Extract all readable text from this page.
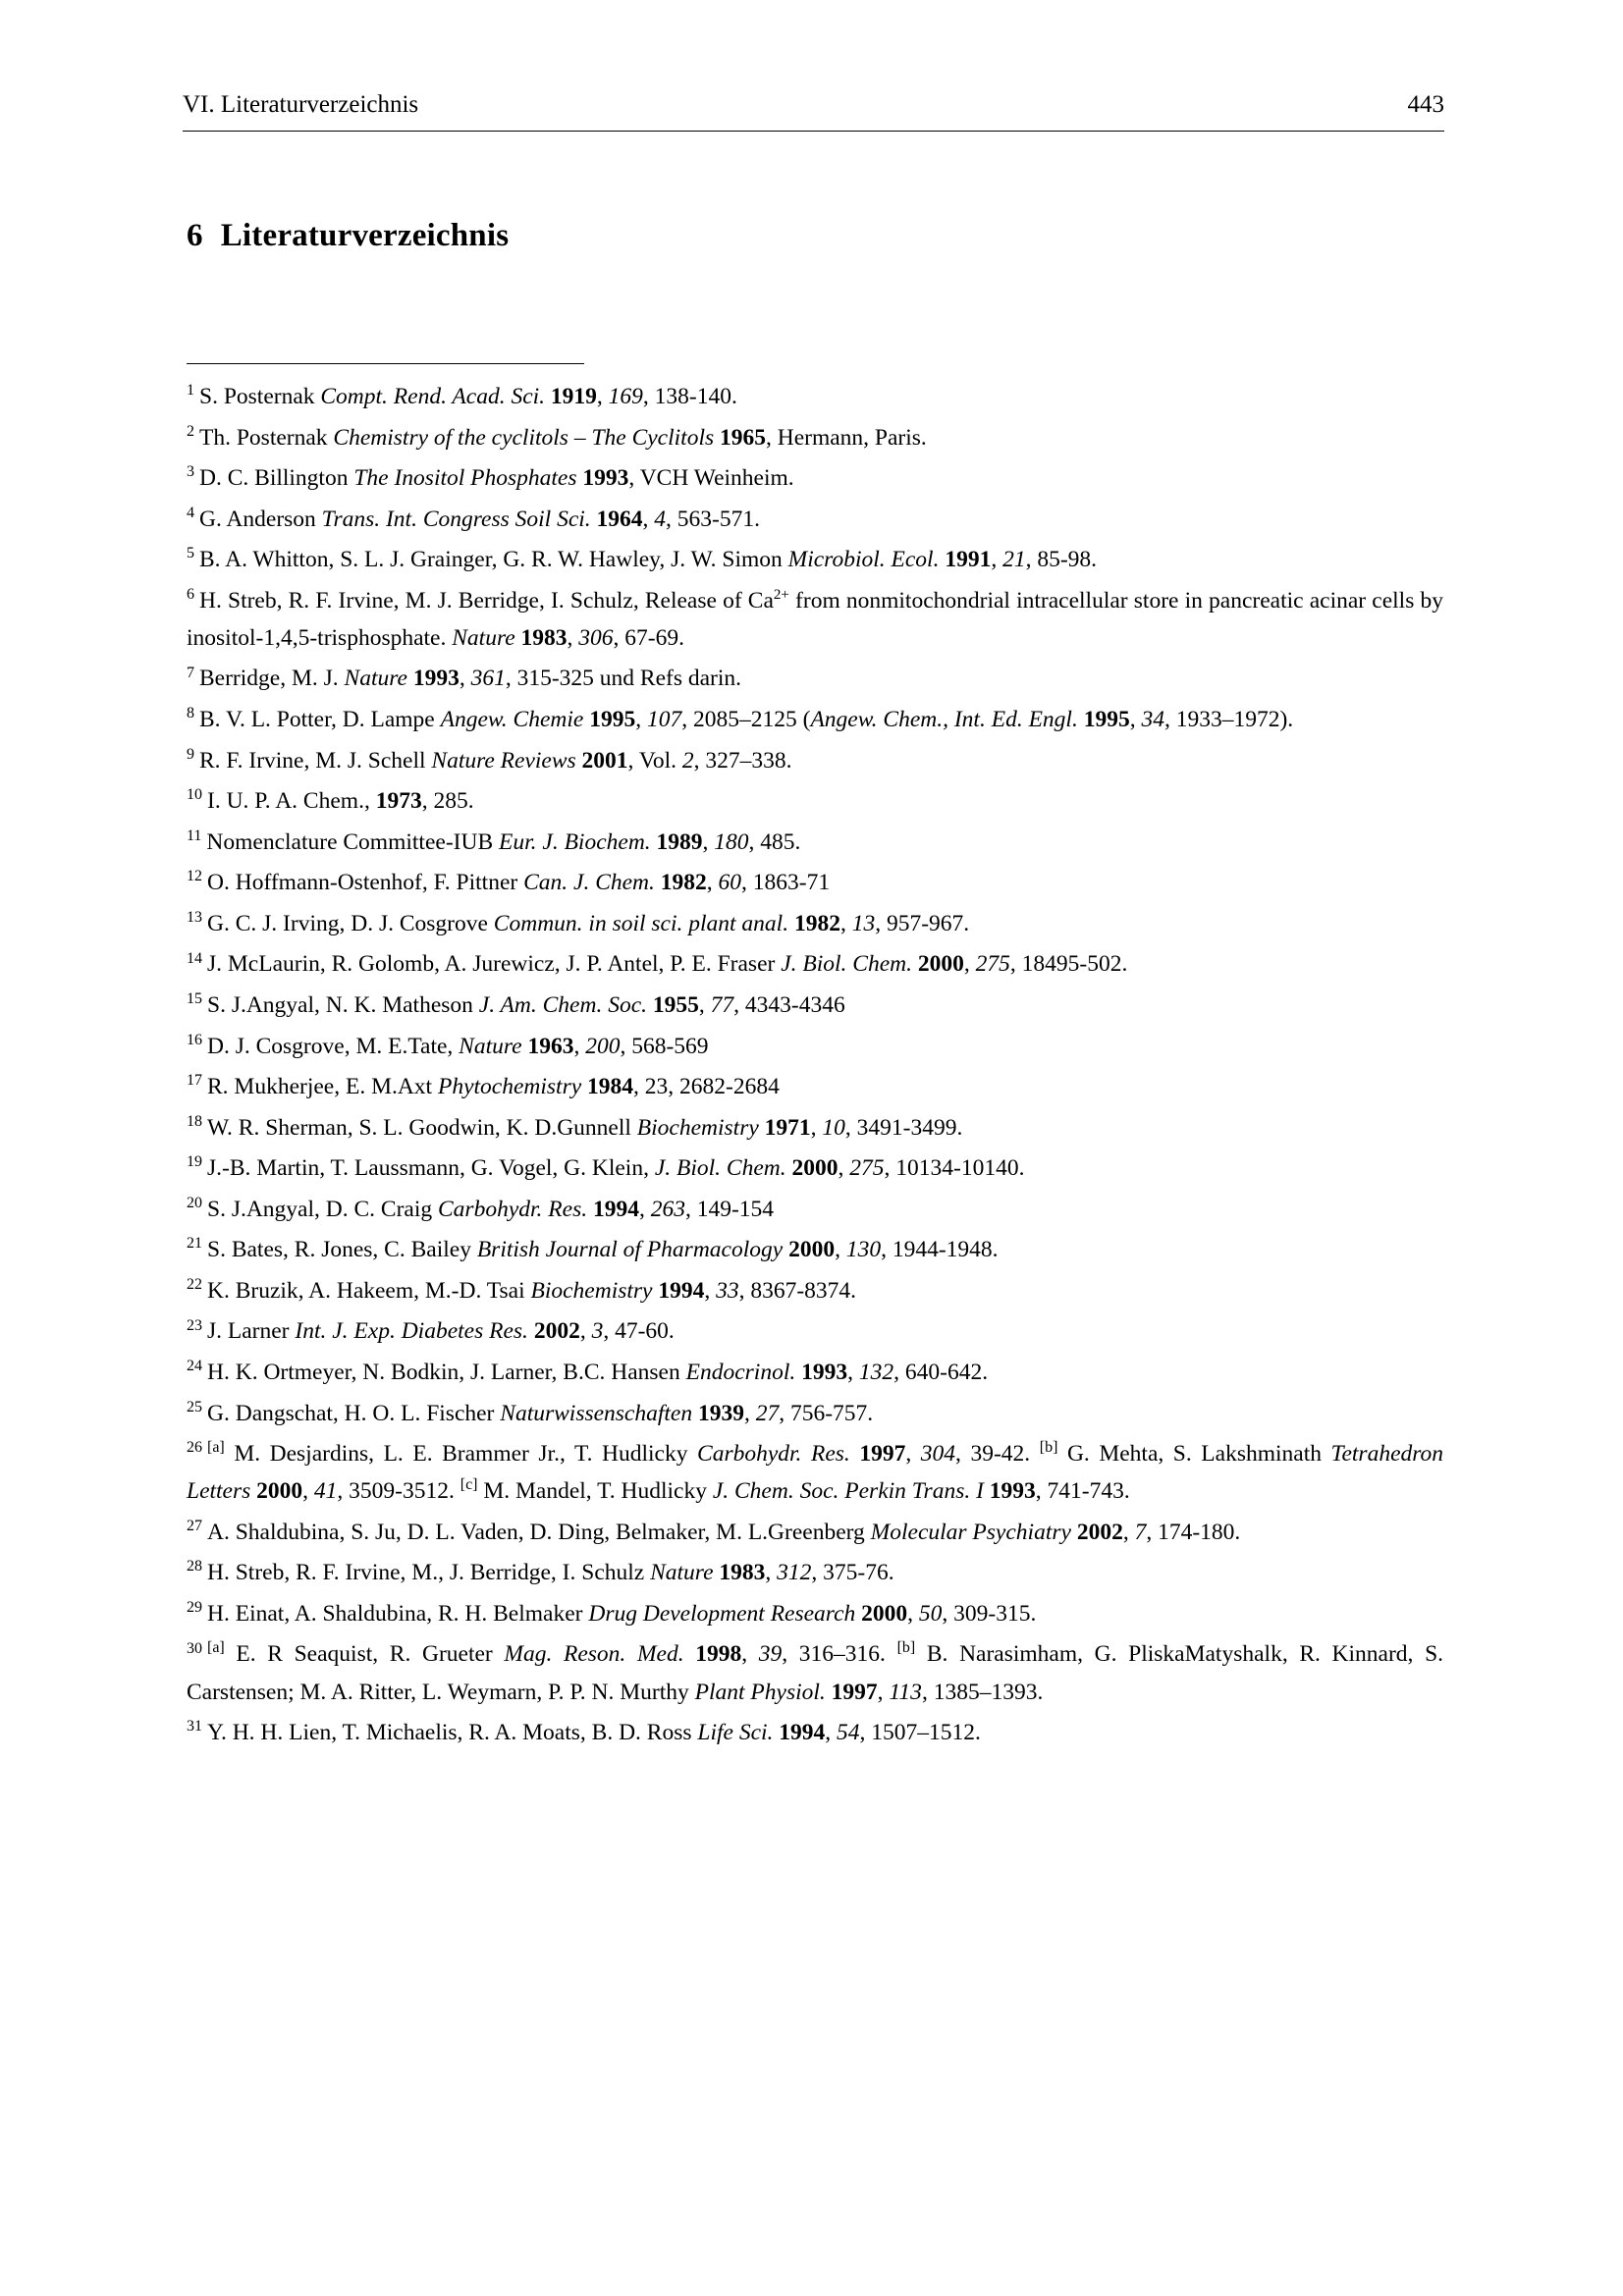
VI. Literaturverzeichnis	443
6 Literaturverzeichnis

$^1$ S. Posternak Compt. Rend. Acad. Sci. 1919, 169, 138-140.

$^2$ Th. Posternak Chemistry of the cyclitols – The Cyclitols 1965, Hermann, Paris.

$^3$ D. C. Billington The Inositol Phosphates 1993, VCH Weinheim.

$^4$ G. Anderson Trans. Int. Congress Soil Sci. 1964, 4, 563-571.

$^5$ B. A. Whitton, S. L. J. Grainger, G. R. W. Hawley, J. W. Simon Microbiol. Ecol. 1991, 21, 85-98.

$^6$ H. Streb, R. F. Irvine, M. J. Berridge, I. Schulz, Release of $Ca^{2+}$ from nonmitochondrial intracellular store in pancreatic acinar cells by inositol-1,4,5-trisphosphate. Nature 1983, 306, 67-69.

$^7$ Berridge, M. J. Nature 1993, 361, 315-325 und Refs darin.

$^8$ B. V. L. Potter, D. Lampe Angew. Chemie 1995, 107, 2085–2125 (Angew. Chem., Int. Ed. Engl. 1995, 34, 1933–1972).

$^9$ R. F. Irvine, M. J. Schell Nature Reviews 2001, Vol. 2, 327–338.

$^{10}$ I. U. P. A. Chem., 1973, 285.

$^{11}$ Nomenclature Committee-IUB Eur. J. Biochem. 1989, 180, 485.

$^{12}$ O. Hoffmann-Ostenhof, F. Pittner Can. J. Chem. 1982, 60, 1863-71

$^{13}$ G. C. J. Irving, D. J. Cosgrove Commun. in soil sci. plant anal. 1982, 13, 957-967.

$^{14}$ J. McLaurin, R. Golomb, A. Jurewicz, J. P. Antel, P. E. Fraser J. Biol. Chem. 2000, 275, 18495-502.

$^{15}$ S. J.Angyal, N. K. Matheson J. Am. Chem. Soc. 1955, 77, 4343-4346

$^{16}$ D. J. Cosgrove, M. E.Tate, Nature 1963, 200, 568-569

$^{17}$ R. Mukherjee, E. M.Axt Phytochemistry 1984, 23, 2682-2684

$^{18}$ W. R. Sherman, S. L. Goodwin, K. D.Gunnell Biochemistry 1971, 10, 3491-3499.

$^{19}$ J.-B. Martin, T. Laussmann, G. Vogel, G. Klein, J. Biol. Chem. 2000, 275, 10134-10140.

$^{20}$ S. J.Angyal, D. C. Craig Carbohydr. Res. 1994, 263, 149-154

$^{21}$ S. Bates, R. Jones, C. Bailey British Journal of Pharmacology 2000, 130, 1944-1948.

$^{22}$ K. Bruzik, A. Hakeem, M.-D. Tsai Biochemistry 1994, 33, 8367-8374.

$^{23}$ J. Larner Int. J. Exp. Diabetes Res. 2002, 3, 47-60.

$^{24}$ H. K. Ortmeyer, N. Bodkin, J. Larner, B.C. Hansen Endocrinol. 1993, 132, 640-642.

$^{25}$ G. Dangschat, H. O. L. Fischer Naturwissenschaften 1939, 27, 756-757.

$^{26}$ [a] M. Desjardins, L. E. Brammer Jr., T. Hudlicky Carbohydr. Res. 1997, 304, 39-42. [b] G. Mehta, S. Lakshminath Tetrahedron Letters 2000, 41, 3509-3512. [c] M. Mandel, T. Hudlicky J. Chem. Soc. Perkin Trans. I 1993, 741-743.

$^{27}$ A. Shaldubina, S. Ju, D. L. Vaden, D. Ding, Belmaker, M. L.Greenberg Molecular Psychiatry 2002, 7, 174-180.

$^{28}$ H. Streb, R. F. Irvine, M., J. Berridge, I. Schulz Nature 1983, 312, 375-76.

$^{29}$ H. Einat, A. Shaldubina, R. H. Belmaker Drug Development Research 2000, 50, 309-315.

$^{30}$ [a] E. R Seaquist, R. Grueter Mag. Reson. Med. 1998, 39, 316–316. [b] B. Narasimham, G. PliskaMatyshalk, R. Kinnard, S. Carstensen; M. A. Ritter, L. Weymarn, P. P. N. Murthy Plant Physiol. 1997, 113, 1385–1393.

$^{31}$ Y. H. H. Lien, T. Michaelis, R. A. Moats, B. D. Ross Life Sci. 1994, 54, 1507–1512.
